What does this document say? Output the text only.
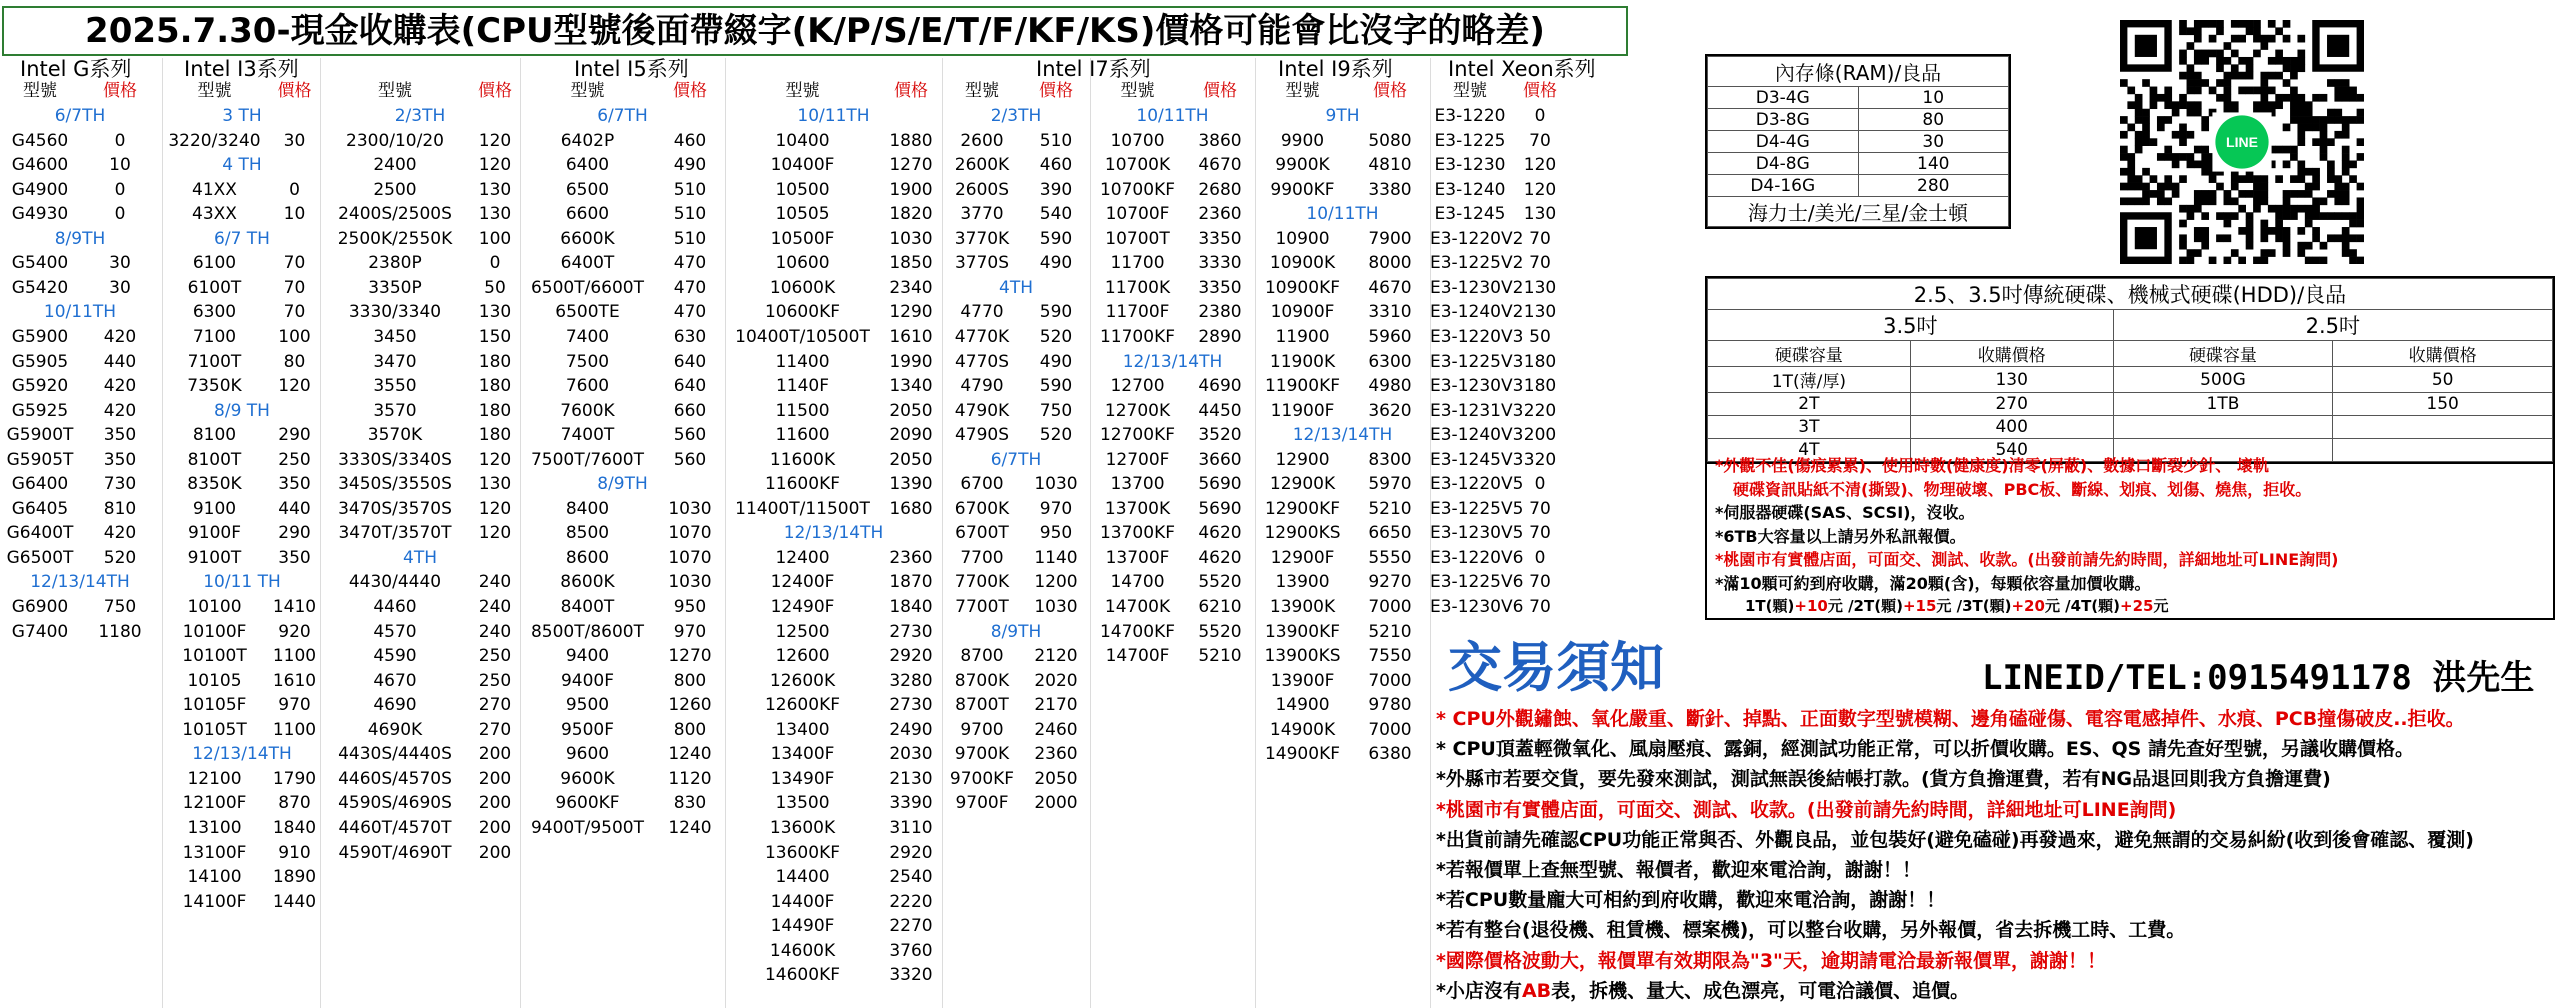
2025.7.30-現金收購表(CPU型號後面帶綴字(K/P/S/E/T/F/KF/KS)價格可能會比沒字的略差)
Intel G系列	Intel I3系列	Intel I5系列	Intel I7系列	Intel I9系列	Intel Xeon系列
型號	價格
6/7TH
G4560	0
G4600	10
G4900	0
G4930	0
8/9TH
G5400	30
G5420	30
10/11TH
G5900	420
G5905	440
G5920	420
G5925	420
G5900T	350
G5905T	350
G6400	730
G6405	810
G6400T	420
G6500T	520
12/13/14TH
G6900	750
G7400	1180
型號	價格
3 TH
3220/3240	30
4 TH
41XX	0
43XX	10
6/7 TH
6100	70
6100T	70
6300	70
7100	100
7100T	80
7350K	120
8/9 TH
8100	290
8100T	250
8350K	350
9100	440
9100F	290
9100T	350
10/11 TH
10100	1410
10100F	920
10100T	1100
10105	1610
10105F	970
10105T	1100
12/13/14TH
12100	1790
12100F	870
13100	1840
13100F	910
14100	1890
14100F	1440
型號	價格
2/3TH
2300/10/20	120
2400	120
2500	130
2400S/2500S	130
2500K/2550K	100
2380P	0
3350P	50
3330/3340	130
3450	150
3470	180
3550	180
3570	180
3570K	180
3330S/3340S	120
3450S/3550S	130
3470S/3570S	120
3470T/3570T	120
4TH
4430/4440	240
4460	240
4570	240
4590	250
4670	250
4690	270
4690K	270
4430S/4440S	200
4460S/4570S	200
4590S/4690S	200
4460T/4570T	200
4590T/4690T	200
型號	價格
6/7TH
6402P	460
6400	490
6500	510
6600	510
6600K	510
6400T	470
6500T/6600T	470
6500TE	470
7400	630
7500	640
7600	640
7600K	660
7400T	560
7500T/7600T	560
8/9TH
8400	1030
8500	1070
8600	1070
8600K	1030
8400T	950
8500T/8600T	970
9400	1270
9400F	800
9500	1260
9500F	800
9600	1240
9600K	1120
9600KF	830
9400T/9500T	1240
型號	價格
10/11TH
10400	1880
10400F	1270
10500	1900
10505	1820
10500F	1030
10600	1850
10600K	2340
10600KF	1290
10400T/10500T	1610
11400	1990
1140F	1340
11500	2050
11600	2090
11600K	2050
11600KF	1390
11400T/11500T	1680
12/13/14TH
12400	2360
12400F	1870
12490F	1840
12500	2730
12600	2920
12600K	3280
12600KF	2730
13400	2490
13400F	2030
13490F	2130
13500	3390
13600K	3110
13600KF	2920
14400	2540
14400F	2220
14490F	2270
14600K	3760
14600KF	3320
型號	價格
2/3TH
2600	510
2600K	460
2600S	390
3770	540
3770K	590
3770S	490
4TH
4770	590
4770K	520
4770S	490
4790	590
4790K	750
4790S	520
6/7TH
6700	1030
6700K	970
6700T	950
7700	1140
7700K	1200
7700T	1030
8/9TH
8700	2120
8700K	2020
8700T	2170
9700	2460
9700K	2360
9700KF	2050
9700F	2000
型號	價格
10/11TH
10700	3860
10700K	4670
10700KF	2680
10700F	2360
10700T	3350
11700	3330
11700K	3350
11700F	2380
11700KF	2890
12/13/14TH
12700	4690
12700K	4450
12700KF	3520
12700F	3660
13700	5690
13700K	5690
13700KF	4620
13700F	4620
14700	5520
14700K	6210
14700KF	5520
14700F	5210
型號	價格
9TH
9900	5080
9900K	4810
9900KF	3380
10/11TH
10900	7900
10900K	8000
10900KF	4670
10900F	3310
11900	5960
11900K	6300
11900KF	4980
11900F	3620
12/13/14TH
12900	8300
12900K	5970
12900KF	5210
12900KS	6650
12900F	5550
13900	9270
13900K	7000
13900KF	5210
13900KS	7550
13900F	7000
14900	9780
14900K	7000
14900KF	6380
型號	價格
E3-1220	0
E3-1225	70
E3-1230	120
E3-1240	120
E3-1245	130
E3-1220V2 70
E3-1225V2 70
E3-1230V2 130
E3-1240V2 130
E3-1220V3 50
E3-1225V3 180
E3-1230V3 180
E3-1231V3 220
E3-1240V3 200
E3-1245V3 320
E3-1220V5 0
E3-1225V5 70
E3-1230V5 70
E3-1220V6 0
E3-1225V6 70
E3-1230V6 70
內存條(RAM)/良品	
D3-4G	10
D3-8G	80
D4-4G	30
D4-8G	140
D4-16G	280
海力士/美光/三星/金士頓	
LINE
2.5、3.5吋傳統硬碟、機械式硬碟(HDD)/良品			
3.5吋		2.5吋	
硬碟容量	收購價格	硬碟容量	收購價格
1T(薄/厚)	130	500G	50
2T	270	1TB	150
3T	400		
4T	540		
*外觀不佳(傷痕累累)、使用時數(健康度)清零(屏蔽)、數據口斷裂少針、 壞軌
硬碟資訊貼紙不清(撕毀)、物理破壞、PBC板、斷線、划痕、划傷、燒焦，拒收。
*伺服器硬碟(SAS、SCSI)，沒收。
*6TB大容量以上請另外私訊報價。
*桃園市有實體店面，可面交、測試、收款。(出發前請先約時間，詳細地址可LINE詢問)
*滿10顆可約到府收購，滿20顆(含)，每顆依容量加價收購。
1T(顆)+10元 /2T(顆)+15元 /3T(顆)+20元 /4T(顆)+25元
交易須知	LINEID/TEL:0915491178 洪先生
* CPU外觀鏽蝕、氧化嚴重、斷針、掉點、正面數字型號模糊、邊角磕碰傷、電容電感掉件、水痕、PCB撞傷破皮..拒收。
* CPU頂蓋輕微氧化、風扇壓痕、露銅，經測試功能正常，可以折價收購。ES、QS 請先查好型號，另議收購價格。
*外縣市若要交貨，要先發來測試，測試無誤後結帳打款。(貨方負擔運費，若有NG品退回則我方負擔運費)
*桃園市有實體店面，可面交、測試、收款。(出發前請先約時間，詳細地址可LINE詢問)
*出貨前請先確認CPU功能正常與否、外觀良品，並包裝好(避免磕碰)再發過來，避免無謂的交易糾紛(收到後會確認、覆測)
*若報價單上查無型號、報價者，歡迎來電洽詢，謝謝！！
*若CPU數量龐大可相約到府收購，歡迎來電洽詢，謝謝！！
*若有整台(退役機、租賃機、標案機)，可以整台收購，另外報價，省去拆機工時、工費。
*國際價格波動大，報價單有效期限為"3"天，逾期請電洽最新報價單，謝謝！！
*小店沒有AB表，拆機、量大、成色漂亮，可電洽議價、追價。
